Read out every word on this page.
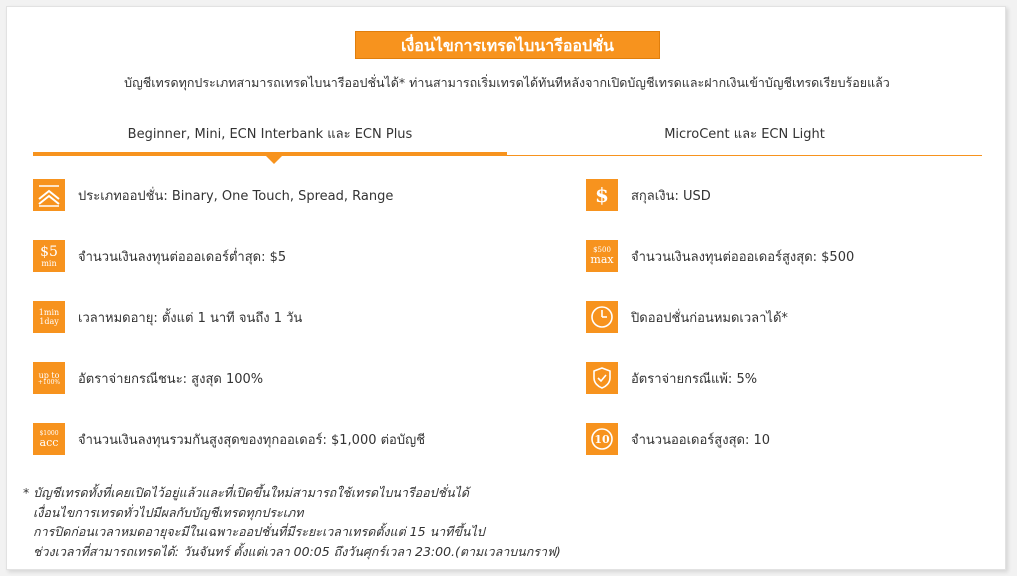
เงื่อนไขการเทรดไบนารีออปชั่น
บัญชีเทรดทุกประเภทสามารถเทรดไบนารีออปชั่นได้* ท่านสามารถเริ่มเทรดได้ทันทีหลังจากเปิดบัญชีเทรดและฝากเงินเข้าบัญชีเทรดเรียบร้อยแล้ว
Beginner, Mini, ECN Interbank และ ECN Plus	MicroCent และ ECN Light
ประเภทออปชั่น: Binary, One Touch, Spread, Range
$5
min จำนวนเงินลงทุนต่อออเดอร์ต่ำสุด: $5
1min
1day เวลาหมดอายุ: ตั้งแต่ 1 นาที จนถึง 1 วัน
up to
+100% อัตราจ่ายกรณีชนะ: สูงสุด 100%
$1000
acc จำนวนเงินลงทุนรวมกันสูงสุดของทุกออเดอร์: $1,000 ต่อบัญชี
$ สกุลเงิน: USD
$500
max จำนวนเงินลงทุนต่อออเดอร์สูงสุด: $500
ปิดออปชั่นก่อนหมดเวลาได้*
อัตราจ่ายกรณีแพ้: 5%
10 จำนวนออเดอร์สูงสุด: 10
* บัญชีเทรดทั้งที่เคยเปิดไว้อยู่แล้วและที่เปิดขึ้นใหม่สามารถใช้เทรดไบนารีออปชั่นได้
เงื่อนไขการเทรดทั่วไปมีผลกับบัญชีเทรดทุกประเภท
การปิดก่อนเวลาหมดอายุจะมีในเฉพาะออปชั่นที่มีระยะเวลาเทรดตั้งแต่ 15 นาทีขึ้นไป
ช่วงเวลาที่สามารถเทรดได้: วันจันทร์ ตั้งแต่เวลา 00:05 ถึงวันศุกร์เวลา 23:00.(ตามเวลาบนกราฟ)
